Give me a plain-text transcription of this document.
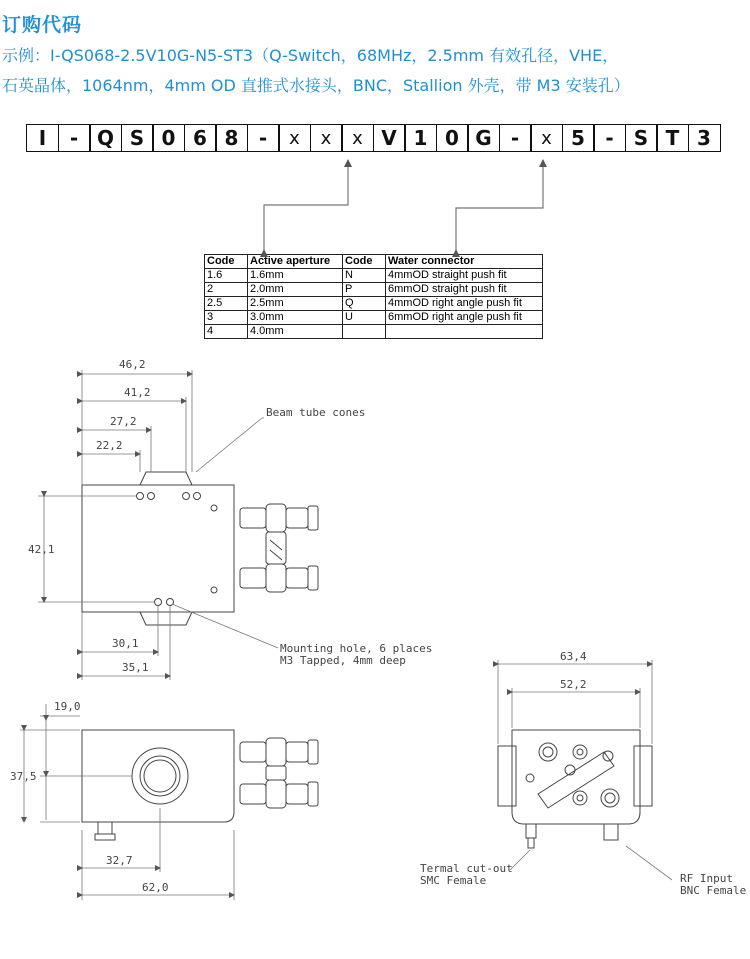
订购代码
示例：I-QS068-2.5V10G-N5-ST3（Q-Switch，68MHz，2.5mm 有效孔径，VHE，
石英晶体，1064nm，4mm OD 直推式水接头，BNC，Stallion 外壳，带 M3 安装孔）
I	- Q S 0 6 8	-	x	x	x V 1 0 G -	x 5	-	S T 3
Code	Active aperture	Code	Water connector
1.6	1.6mm	N	4mmOD straight push fit
2	2.0mm	P	6mmOD straight push fit
2.5	2.5mm	Q	4mmOD right angle push fit
3	3.0mm	U	6mmOD right angle push fit
4	4.0mm		
46,2
41,2
27,2
22,2
42,1
30,1
35,1
Beam tube cones
Mounting hole, 6 places
M3 Tapped, 4mm deep
19,0
37,5
32,7
62,0
63,4
52,2
Termal cut-out
SMC Female	RF Input
BNC Female
